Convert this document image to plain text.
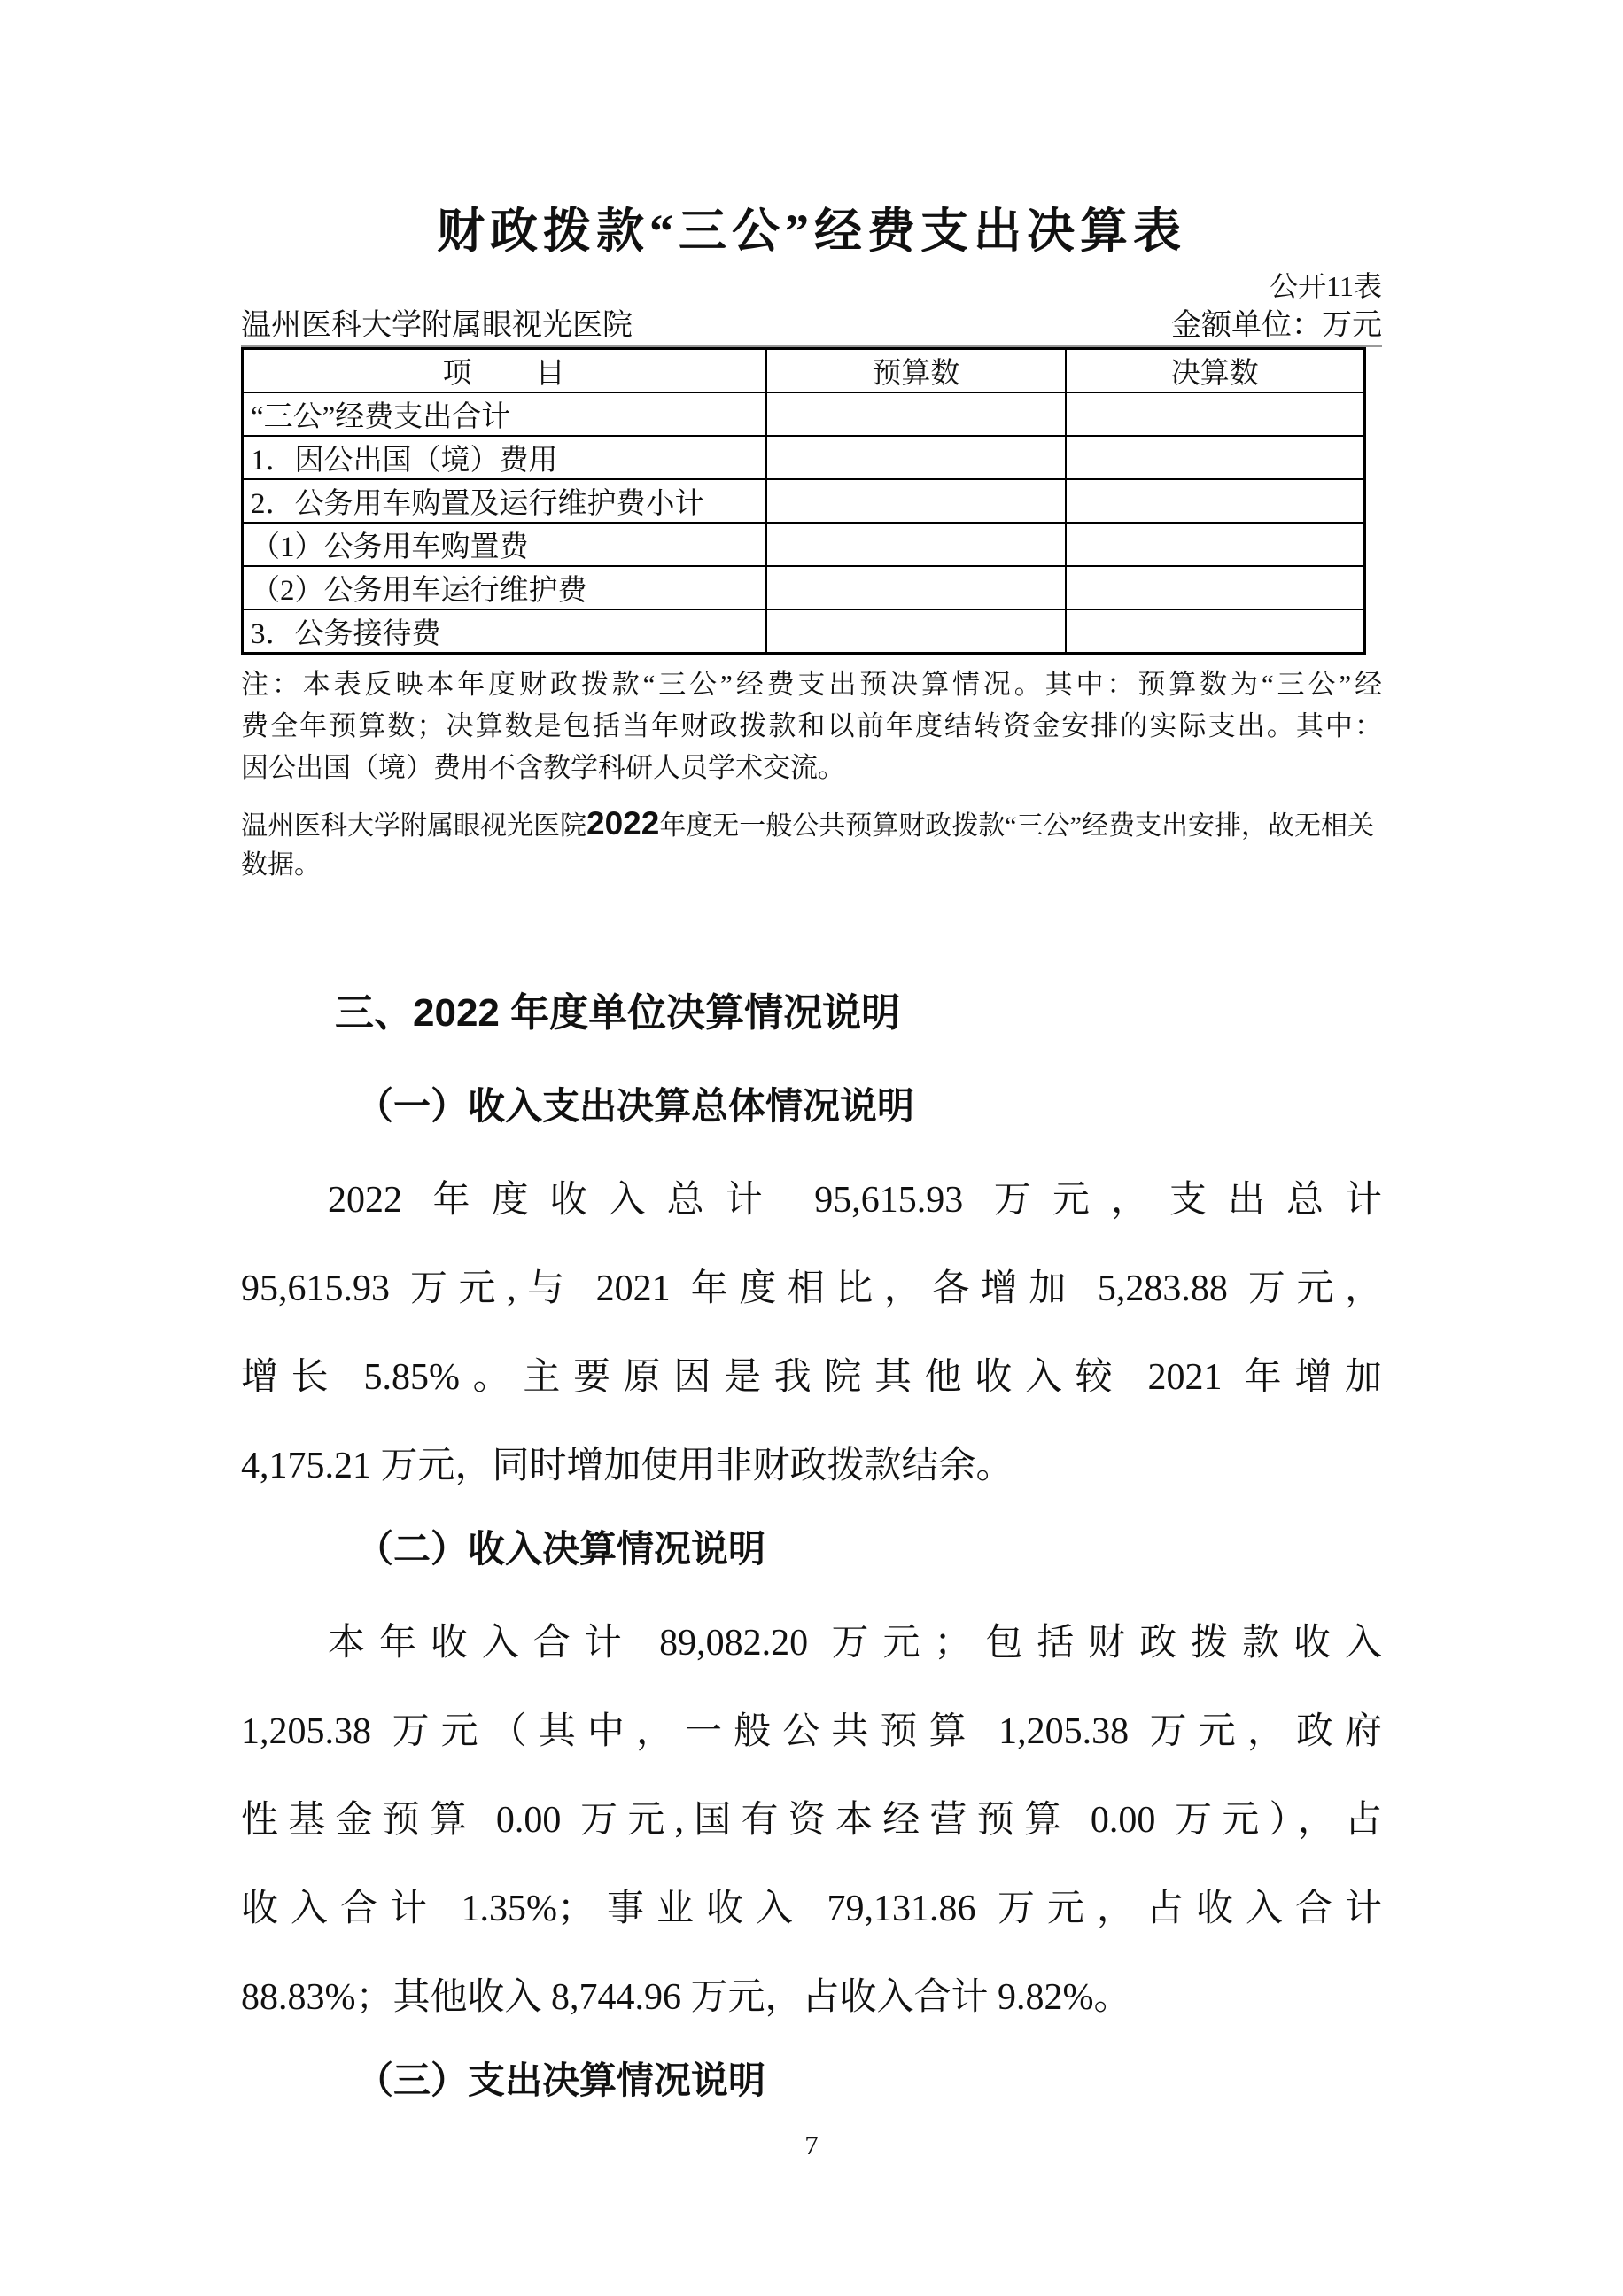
财政拨款“三公”经费支出决算表
公开11表
温州医科大学附属眼视光医院	金额单位：万元
项　　目	预算数	决算数
“三公”经费支出合计		
1．因公出国（境）费用		
2．公务用车购置及运行维护费小计		
（1）公务用车购置费		
（2）公务用车运行维护费		
3．公务接待费		
注：本表反映本年度财政拨款“三公”经费支出预决算情况。其中：预算数为“三公”经
费全年预算数；决算数是包括当年财政拨款和以前年度结转资金安排的实际支出。其中：
因公出国（境）费用不含教学科研人员学术交流。
温州医科大学附属眼视光医院2022年度无一般公共预算财政拨款“三公”经费支出安排，故无相关数据。
三、2022 年度单位决算情况说明
（一）收入支出决算总体情况说明
2022 年度收入总计 95,615.93 万元，支出总计
95,615.93 万元,与 2021 年度相比，各增加 5,283.88 万元，
增长 5.85%。主要原因是我院其他收入较 2021 年增加
4,175.21 万元，同时增加使用非财政拨款结余。
（二）收入决算情况说明
本年收入合计 89,082.20 万元；包括财政拨款收入
1,205.38 万元（其中，一般公共预算 1,205.38 万元，政府
性基金预算 0.00 万元,国有资本经营预算 0.00 万元），占
收入合计 1.35%；事业收入 79,131.86 万元，占收入合计
88.83%；其他收入 8,744.96 万元，占收入合计 9.82%。
（三）支出决算情况说明
7
